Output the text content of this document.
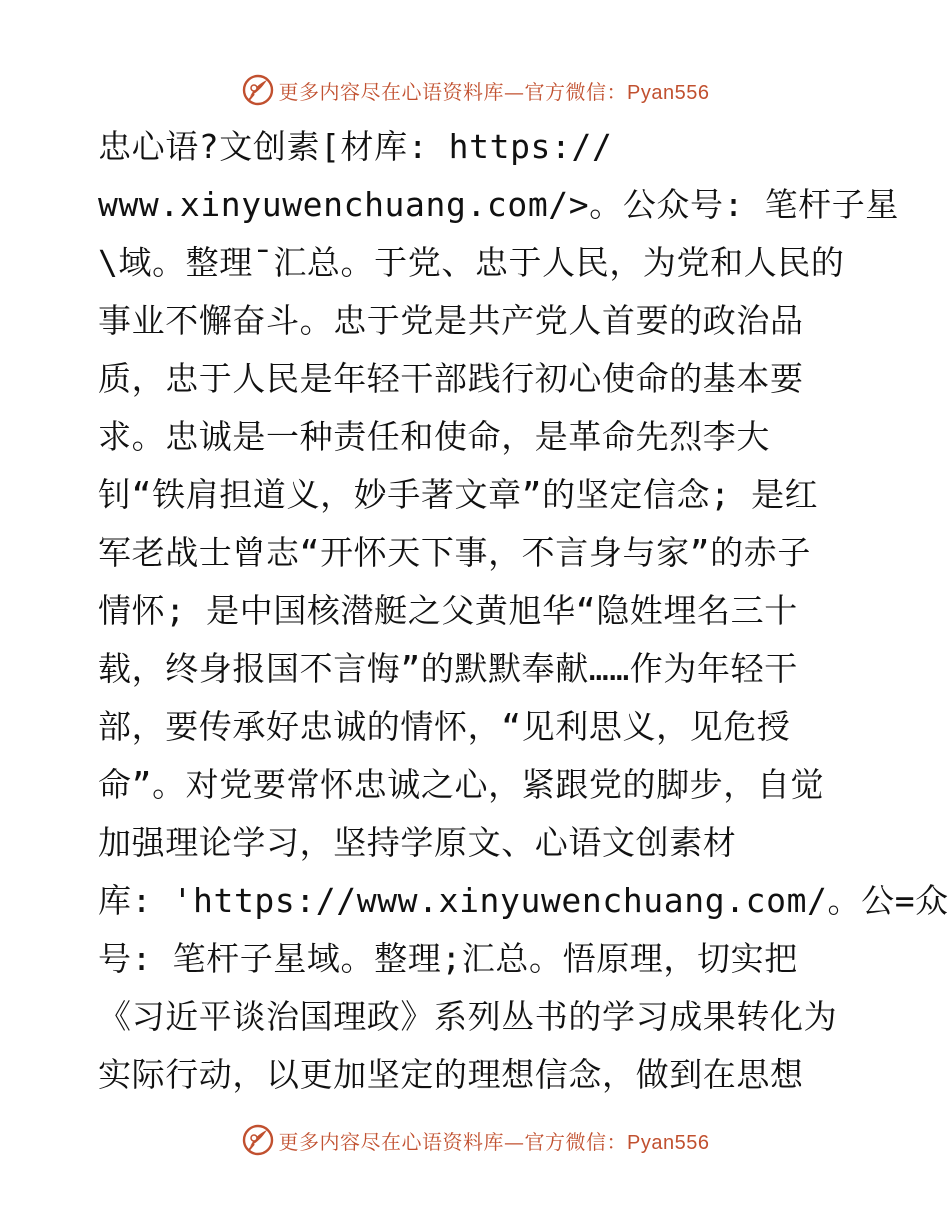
更多内容尽在心语资料库—官方微信：Pyan556
忠心语?文创素[材库: https://
www.xinyuwenchuang.com/>。公众号: 笔杆子星
\域。整理¯汇总。于党、忠于人民，为党和人民的
事业不懈奋斗。忠于党是共产党人首要的政治品
质，忠于人民是年轻干部践行初心使命的基本要
求。忠诚是一种责任和使命，是革命先烈李大
钊“铁肩担道义，妙手著文章”的坚定信念; 是红
军老战士曾志“开怀天下事，不言身与家”的赤子
情怀; 是中国核潜艇之父黄旭华“隐姓埋名三十
载，终身报国不言悔”的默默奉献……作为年轻干
部，要传承好忠诚的情怀，“见利思义，见危授
命”。对党要常怀忠诚之心，紧跟党的脚步，自觉
加强理论学习，坚持学原文、心语文创素材
库: 'https://www.xinyuwenchuang.com/。公=众
号: 笔杆子星域。整理;汇总。悟原理，切实把
《习近平谈治国理政》系列丛书的学习成果转化为
实际行动，以更加坚定的理想信念，做到在思想
更多内容尽在心语资料库—官方微信：Pyan556
